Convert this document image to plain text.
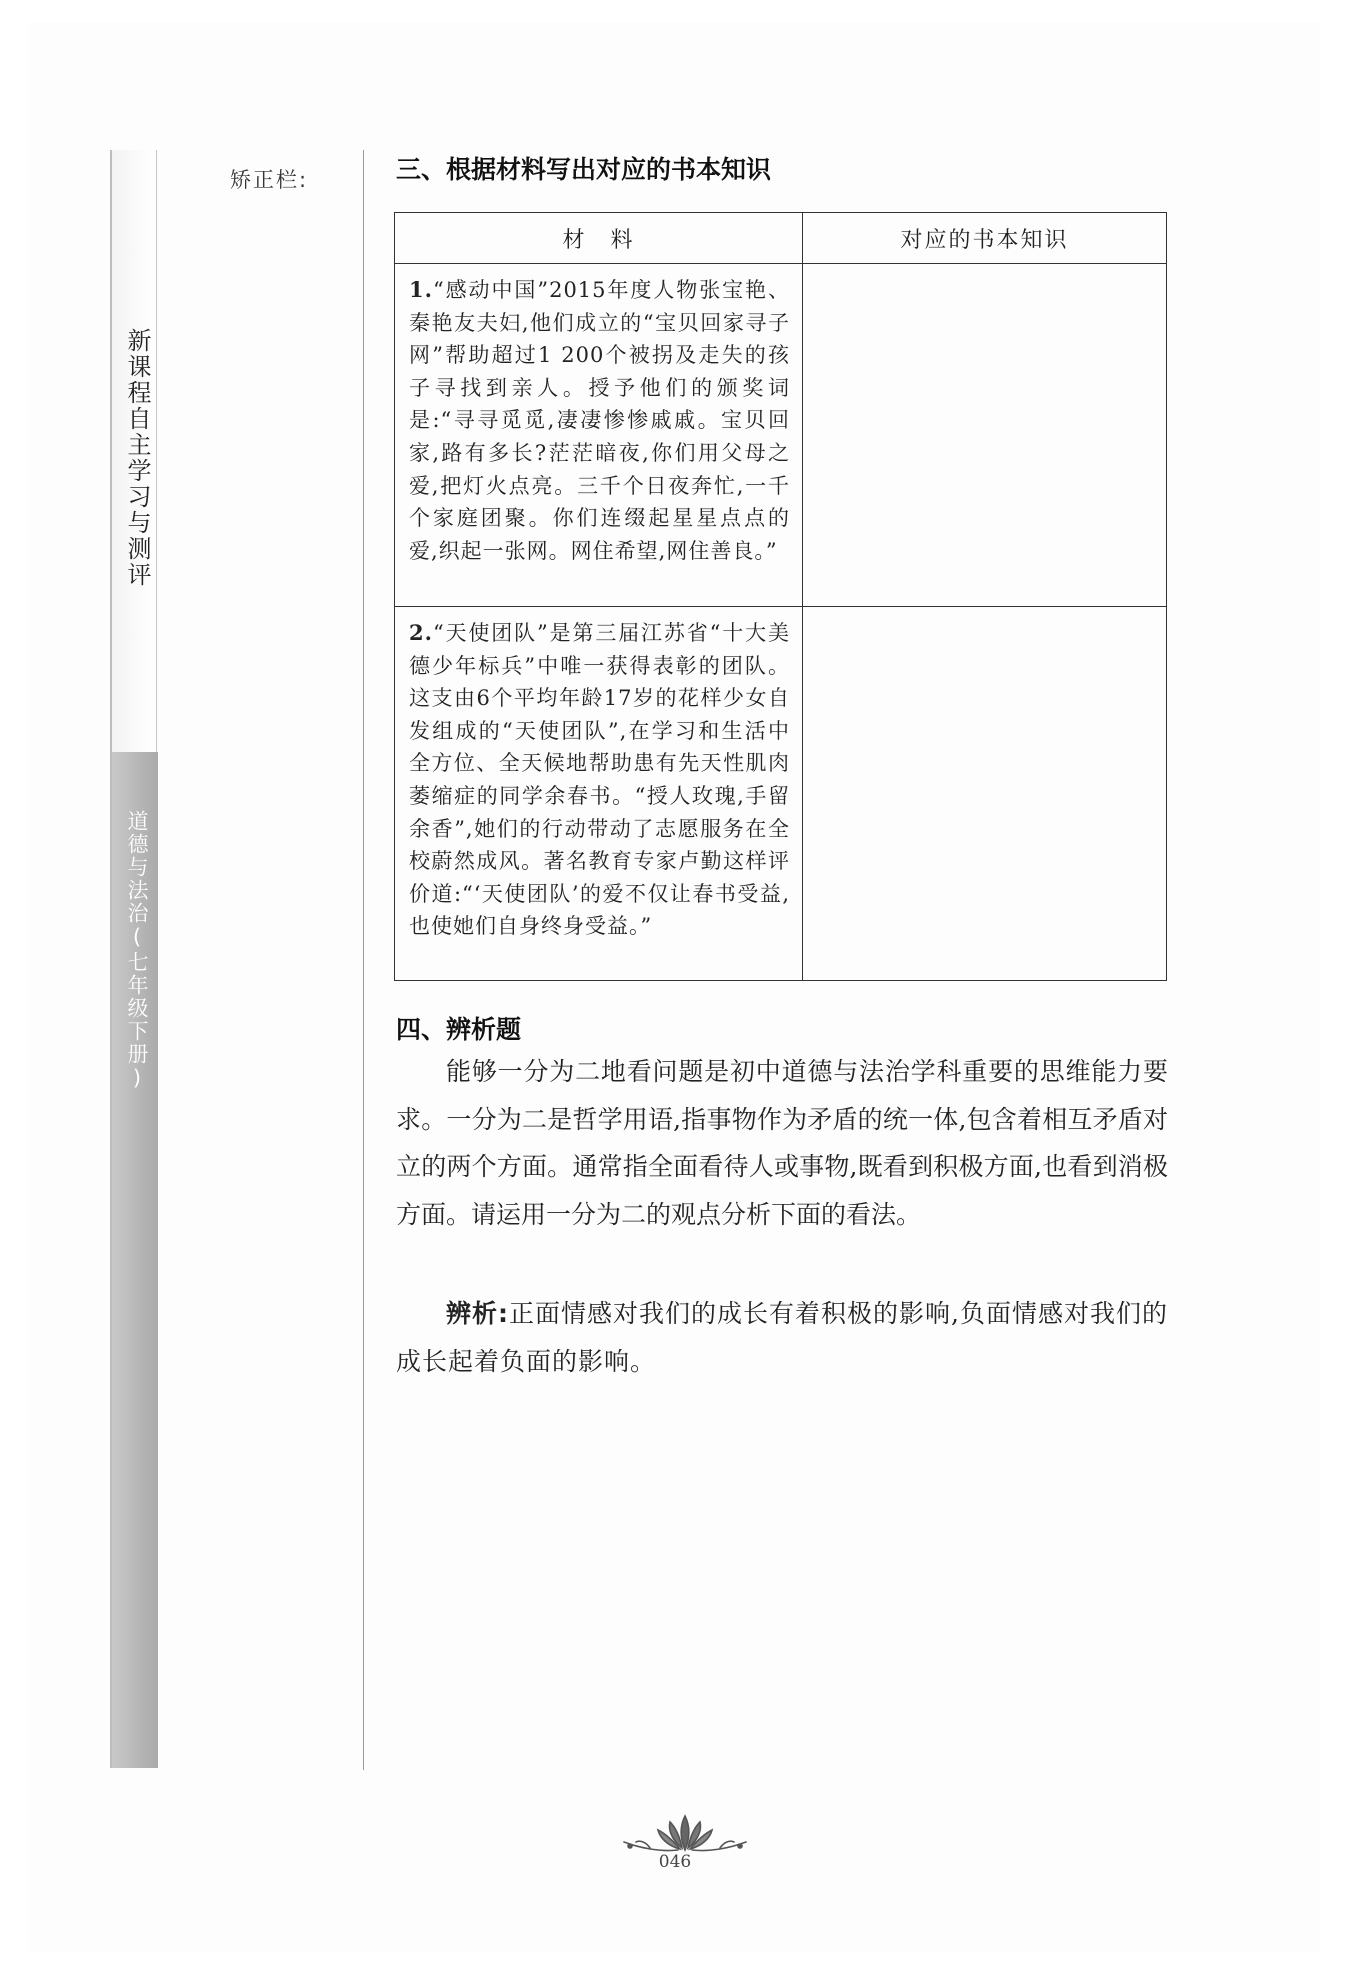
新课程自主学习与测评
道德与法治(七年级下册)
矫正栏:	三、根据材料写出对应的书本知识
材　料	对应的书本知识
1.“感动中国”2015年度人物张宝艳、秦艳友夫妇,他们成立的“宝贝回家寻子网”帮助超过1 200个被拐及走失的孩子寻找到亲人。授予他们的颁奖词是:“寻寻觅觅,凄凄惨惨戚戚。宝贝回家,路有多长?茫茫暗夜,你们用父母之爱,把灯火点亮。三千个日夜奔忙,一千个家庭团聚。你们连缀起星星点点的爱,织起一张网。网住希望,网住善良。”	
2.“天使团队”是第三届江苏省“十大美德少年标兵”中唯一获得表彰的团队。这支由6个平均年龄17岁的花样少女自发组成的“天使团队”,在学习和生活中全方位、全天候地帮助患有先天性肌肉萎缩症的同学余春书。“授人玫瑰,手留余香”,她们的行动带动了志愿服务在全校蔚然成风。著名教育专家卢勤这样评价道:“‘天使团队’的爱不仅让春书受益,也使她们自身终身受益。”	
四、辨析题
能够一分为二地看问题是初中道德与法治学科重要的思维能力要求。一分为二是哲学用语,指事物作为矛盾的统一体,包含着相互矛盾对立的两个方面。通常指全面看待人或事物,既看到积极方面,也看到消极方面。请运用一分为二的观点分析下面的看法。
辨析:正面情感对我们的成长有着积极的影响,负面情感对我们的成长起着负面的影响。
046
